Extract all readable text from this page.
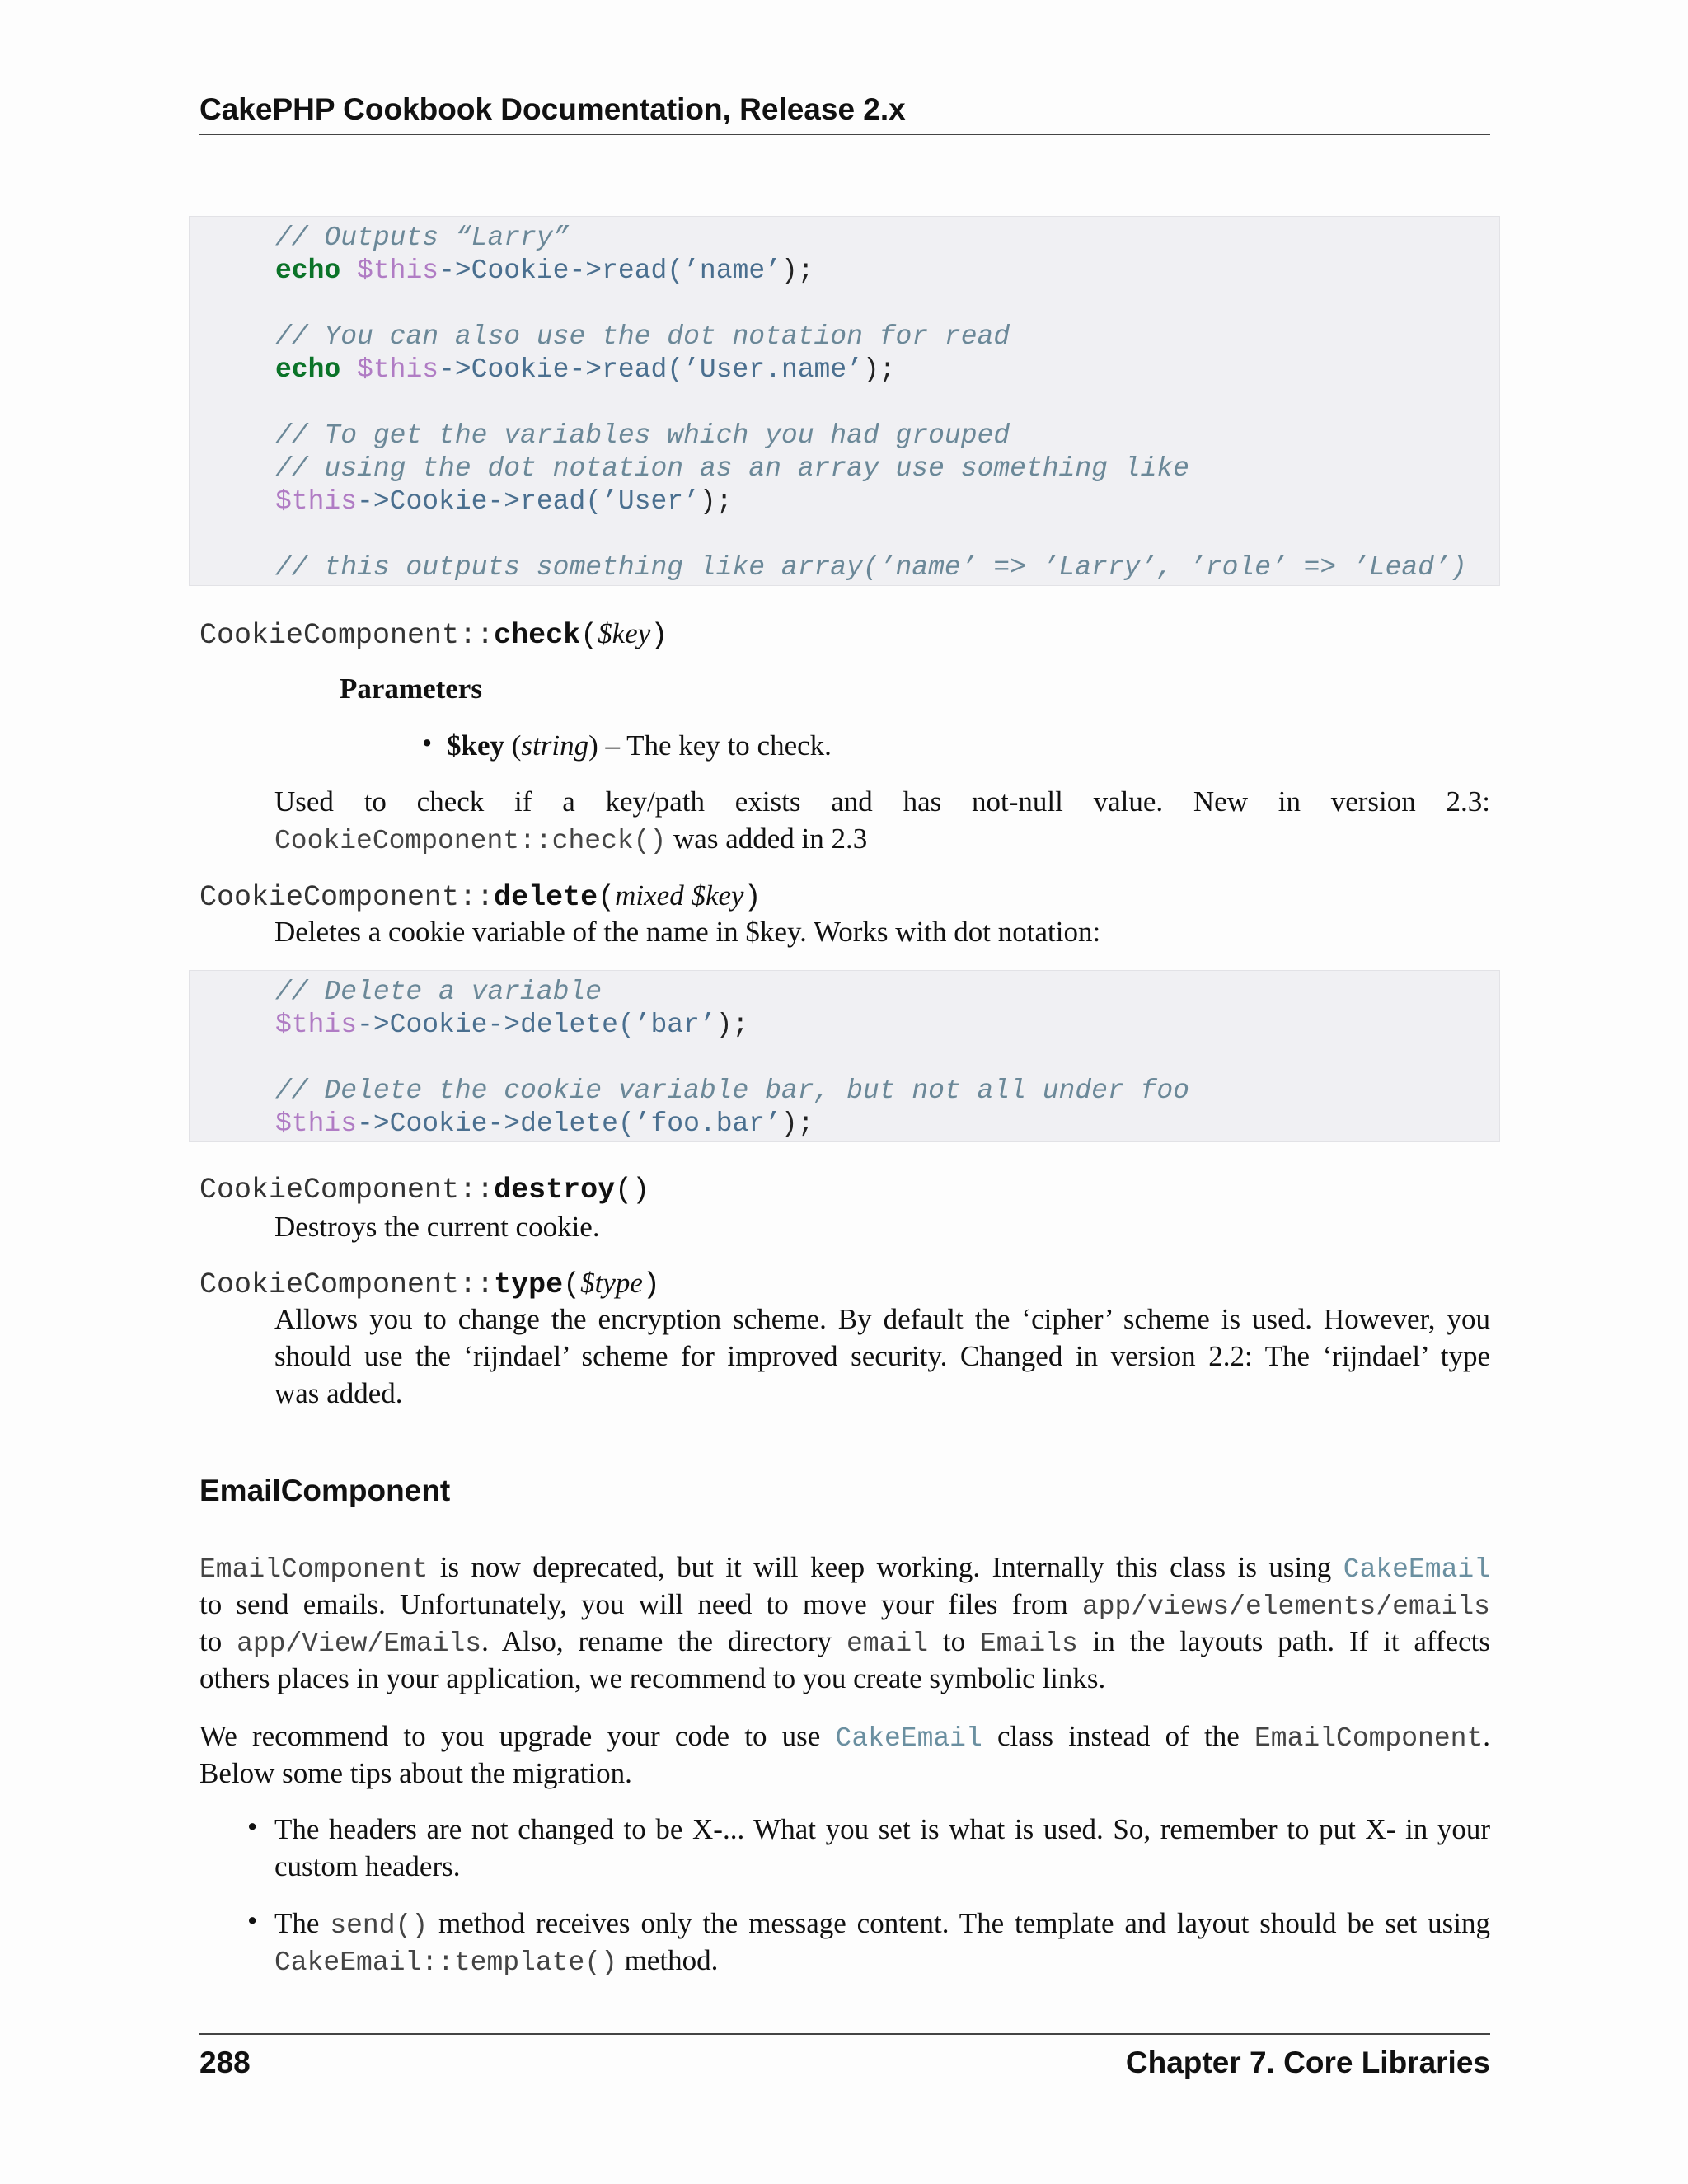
CakePHP Cookbook Documentation, Release 2.x
// Outputs “Larry”
echo $this->Cookie->read(’name’);
// You can also use the dot notation for read
echo $this->Cookie->read(’User.name’);
// To get the variables which you had grouped
// using the dot notation as an array use something like
$this->Cookie->read(’User’);
// this outputs something like array(’name’ => ’Larry’, ’role’ => ’Lead’)
CookieComponent::check($key)
Parameters
• $key (string) – The key to check.
Used to check if a key/path exists and has not-null value. New in version 2.3:
CookieComponent::check() was added in 2.3
CookieComponent::delete(mixed $key)
Deletes a cookie variable of the name in $key. Works with dot notation:
// Delete a variable
$this->Cookie->delete(’bar’);
// Delete the cookie variable bar, but not all under foo
$this->Cookie->delete(’foo.bar’);
CookieComponent::destroy()
Destroys the current cookie.
CookieComponent::type($type)
Allows you to change the encryption scheme. By default the ‘cipher’ scheme is used. However, you
should use the ‘rijndael’ scheme for improved security. Changed in version 2.2: The ‘rijndael’ type
was added.
EmailComponent
EmailComponent is now deprecated, but it will keep working. Internally this class is using CakeEmail
to send emails. Unfortunately, you will need to move your files from app/views/elements/emails
to app/View/Emails. Also, rename the directory email to Emails in the layouts path. If it affects
others places in your application, we recommend to you create symbolic links.
We recommend to you upgrade your code to use CakeEmail class instead of the EmailComponent.
Below some tips about the migration.
• The headers are not changed to be X-... What you set is what is used. So, remember to put X- in your
custom headers.
• The send() method receives only the message content. The template and layout should be set using
CakeEmail::template() method.
288	Chapter 7. Core Libraries
